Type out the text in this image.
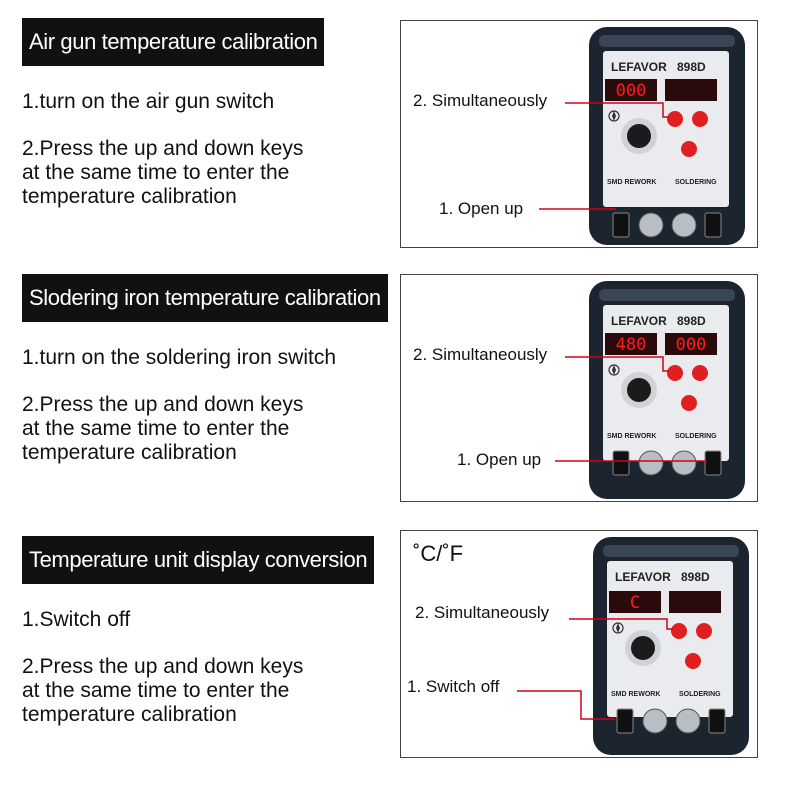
Air gun temperature calibration
1.turn on the air gun switch
2.Press the up and down keys at the same time to enter the temperature calibration
LEFAVOR 898D
000
SMD REWORK	SOLDERING
2. Simultaneously
1. Open up
Slodering iron temperature calibration
1.turn on the soldering iron switch
2.Press the up and down keys at the same time to enter the temperature calibration
LEFAVOR 898D
480 000
SMD REWORK	SOLDERING
2. Simultaneously
1. Open up
Temperature unit display conversion
1.Switch off
2.Press the up and down keys at the same time to enter the temperature calibration
˚C/˚F
LEFAVOR 898D
C
SMD REWORK	SOLDERING
2. Simultaneously
1. Switch off
